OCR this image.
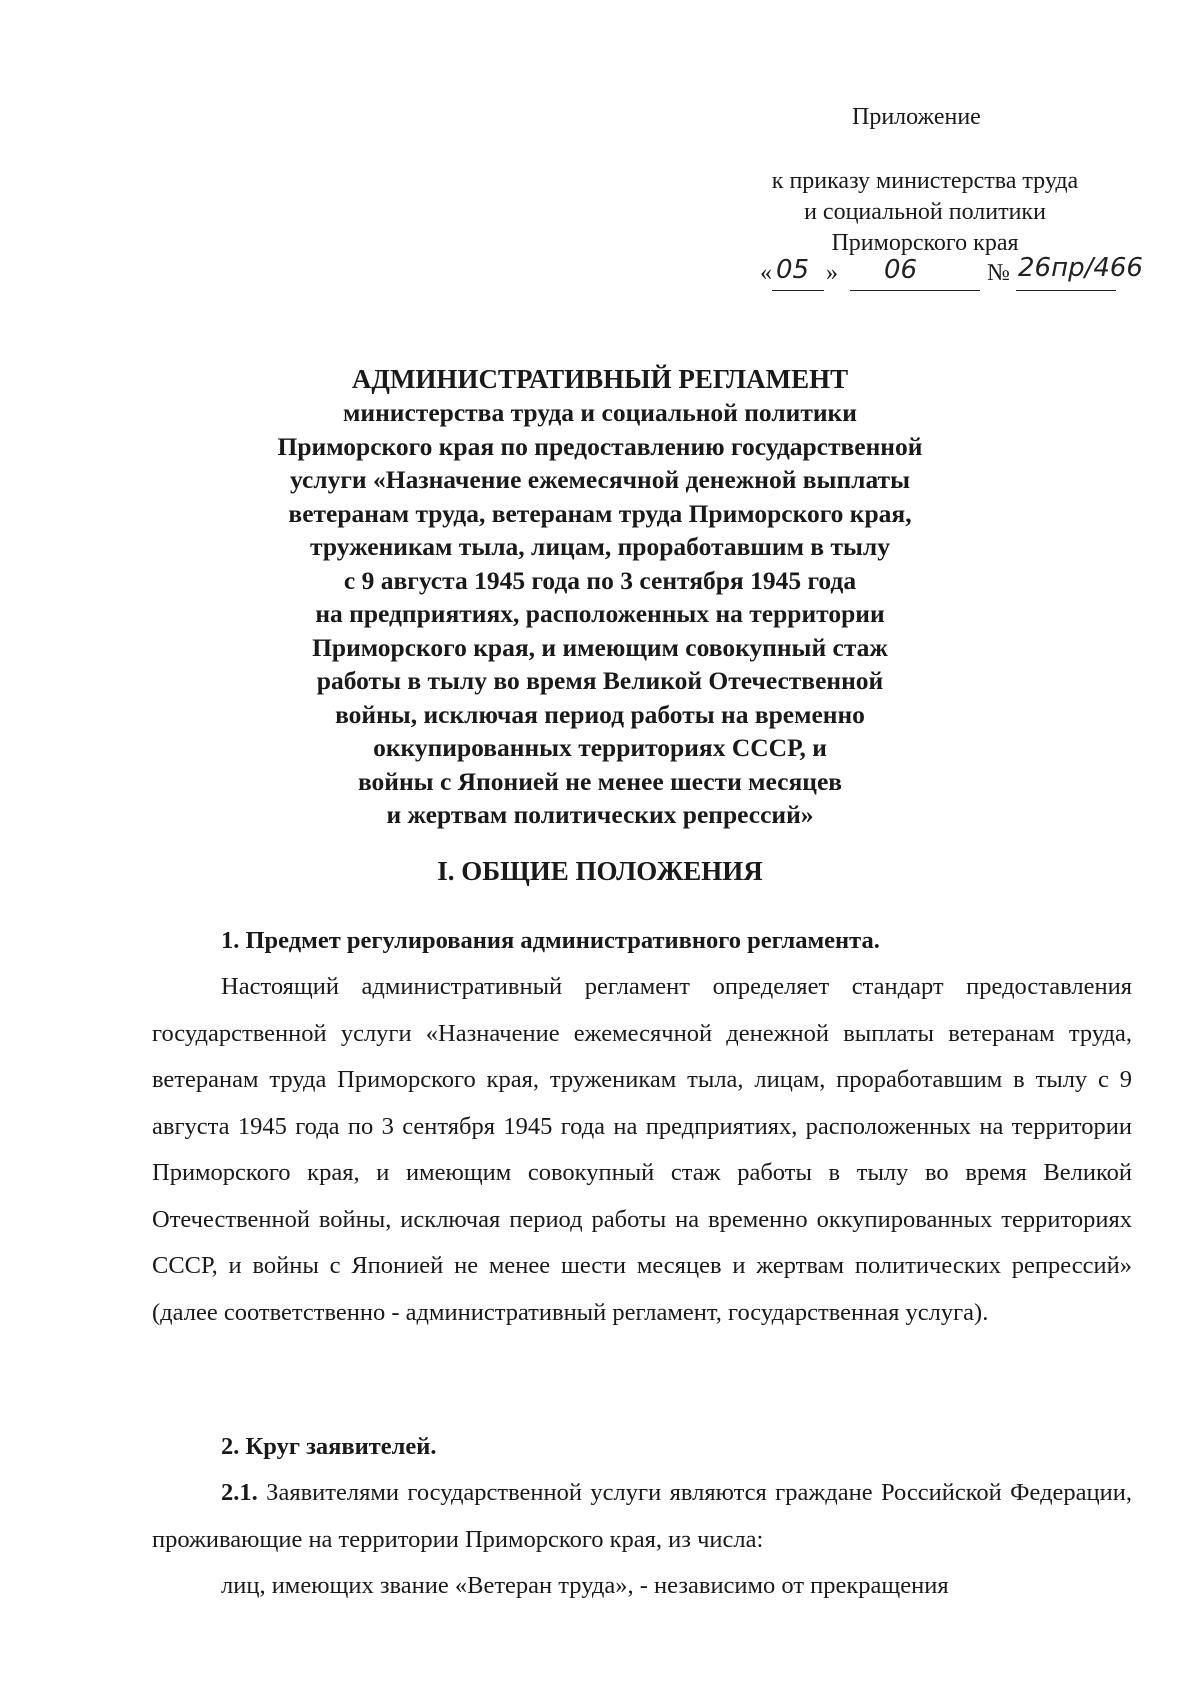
Приложение
к приказу министерства труда
и социальной политики
Приморского края
« 05 » 06	№ 26пр/466
АДМИНИСТРАТИВНЫЙ РЕГЛАМЕНТ
министерства труда и социальной политики
Приморского края по предоставлению государственной
услуги «Назначение ежемесячной денежной выплаты
ветеранам труда, ветеранам труда Приморского края,
труженикам тыла, лицам, проработавшим в тылу
с 9 августа 1945 года по 3 сентября 1945 года
на предприятиях, расположенных на территории
Приморского края, и имеющим совокупный стаж
работы в тылу во время Великой Отечественной
войны, исключая период работы на временно
оккупированных территориях СССР, и
войны с Японией не менее шести месяцев
и жертвам политических репрессий»
I. ОБЩИЕ ПОЛОЖЕНИЯ
1. Предмет регулирования административного регламента.
Настоящий административный регламент определяет стандарт предоставления государственной услуги «Назначение ежемесячной денежной выплаты ветеранам труда, ветеранам труда Приморского края, труженикам тыла, лицам, проработавшим в тылу с 9 августа 1945 года по 3 сентября 1945 года на предприятиях, расположенных на территории Приморского края, и имеющим совокупный стаж работы в тылу во время Великой Отечественной войны, исключая период работы на временно оккупированных территориях СССР, и войны с Японией не менее шести месяцев и жертвам политических репрессий» (далее соответственно - административный регламент, государственная услуга).
2. Круг заявителей.
2.1. Заявителями государственной услуги являются граждане Российской Федерации, проживающие на территории Приморского края, из числа:
лиц, имеющих звание «Ветеран труда», - независимо от прекращения
